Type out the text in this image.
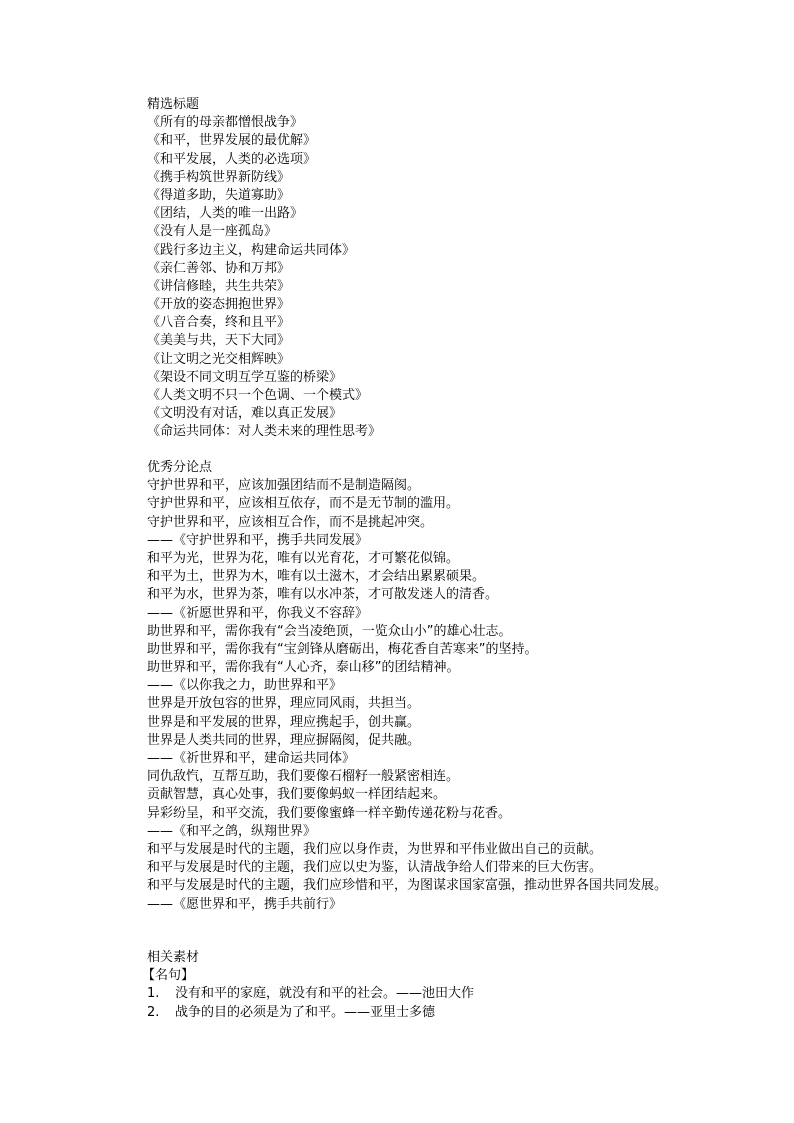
精选标题
《所有的母亲都憎恨战争》
《和平，世界发展的最优解》
《和平发展，人类的必选项》
《携手构筑世界新防线》
《得道多助，失道寡助》
《团结，人类的唯一出路》
《没有人是一座孤岛》
《践行多边主义，构建命运共同体》
《亲仁善邻、协和万邦》
《讲信修睦，共生共荣》
《开放的姿态拥抱世界》
《八音合奏，终和且平》
《美美与共，天下大同》
《让文明之光交相辉映》
《架设不同文明互学互鉴的桥梁》
《人类文明不只一个色调、一个模式》
《文明没有对话，难以真正发展》
《命运共同体：对人类未来的理性思考》
优秀分论点
守护世界和平，应该加强团结而不是制造隔阂。
守护世界和平，应该相互依存，而不是无节制的滥用。
守护世界和平，应该相互合作，而不是挑起冲突。
——《守护世界和平，携手共同发展》
和平为光，世界为花，唯有以光育花，才可繁花似锦。
和平为土，世界为木，唯有以土滋木，才会结出累累硕果。
和平为水，世界为茶，唯有以水冲茶，才可散发迷人的清香。
——《祈愿世界和平，你我义不容辞》
助世界和平，需你我有“会当凌绝顶，一览众山小”的雄心壮志。
助世界和平，需你我有“宝剑锋从磨砺出，梅花香自苦寒来”的坚持。
助世界和平，需你我有“人心齐，泰山移”的团结精神。
——《以你我之力，助世界和平》
世界是开放包容的世界，理应同风雨，共担当。
世界是和平发展的世界，理应携起手，创共赢。
世界是人类共同的世界，理应摒隔阂，促共融。
——《祈世界和平，建命运共同体》
同仇敌忾，互帮互助，我们要像石榴籽一般紧密相连。
贡献智慧，真心处事，我们要像蚂蚁一样团结起来。
异彩纷呈，和平交流，我们要像蜜蜂一样辛勤传递花粉与花香。
——《和平之鸽，纵翔世界》
和平与发展是时代的主题，我们应以身作责，为世界和平伟业做出自己的贡献。
和平与发展是时代的主题，我们应以史为鉴，认清战争给人们带来的巨大伤害。
和平与发展是时代的主题，我们应珍惜和平，为图谋求国家富强，推动世界各国共同发展。
——《愿世界和平，携手共前行》
相关素材
【名句】
1. 没有和平的家庭，就没有和平的社会。——池田大作
2. 战争的目的必须是为了和平。——亚里士多德
